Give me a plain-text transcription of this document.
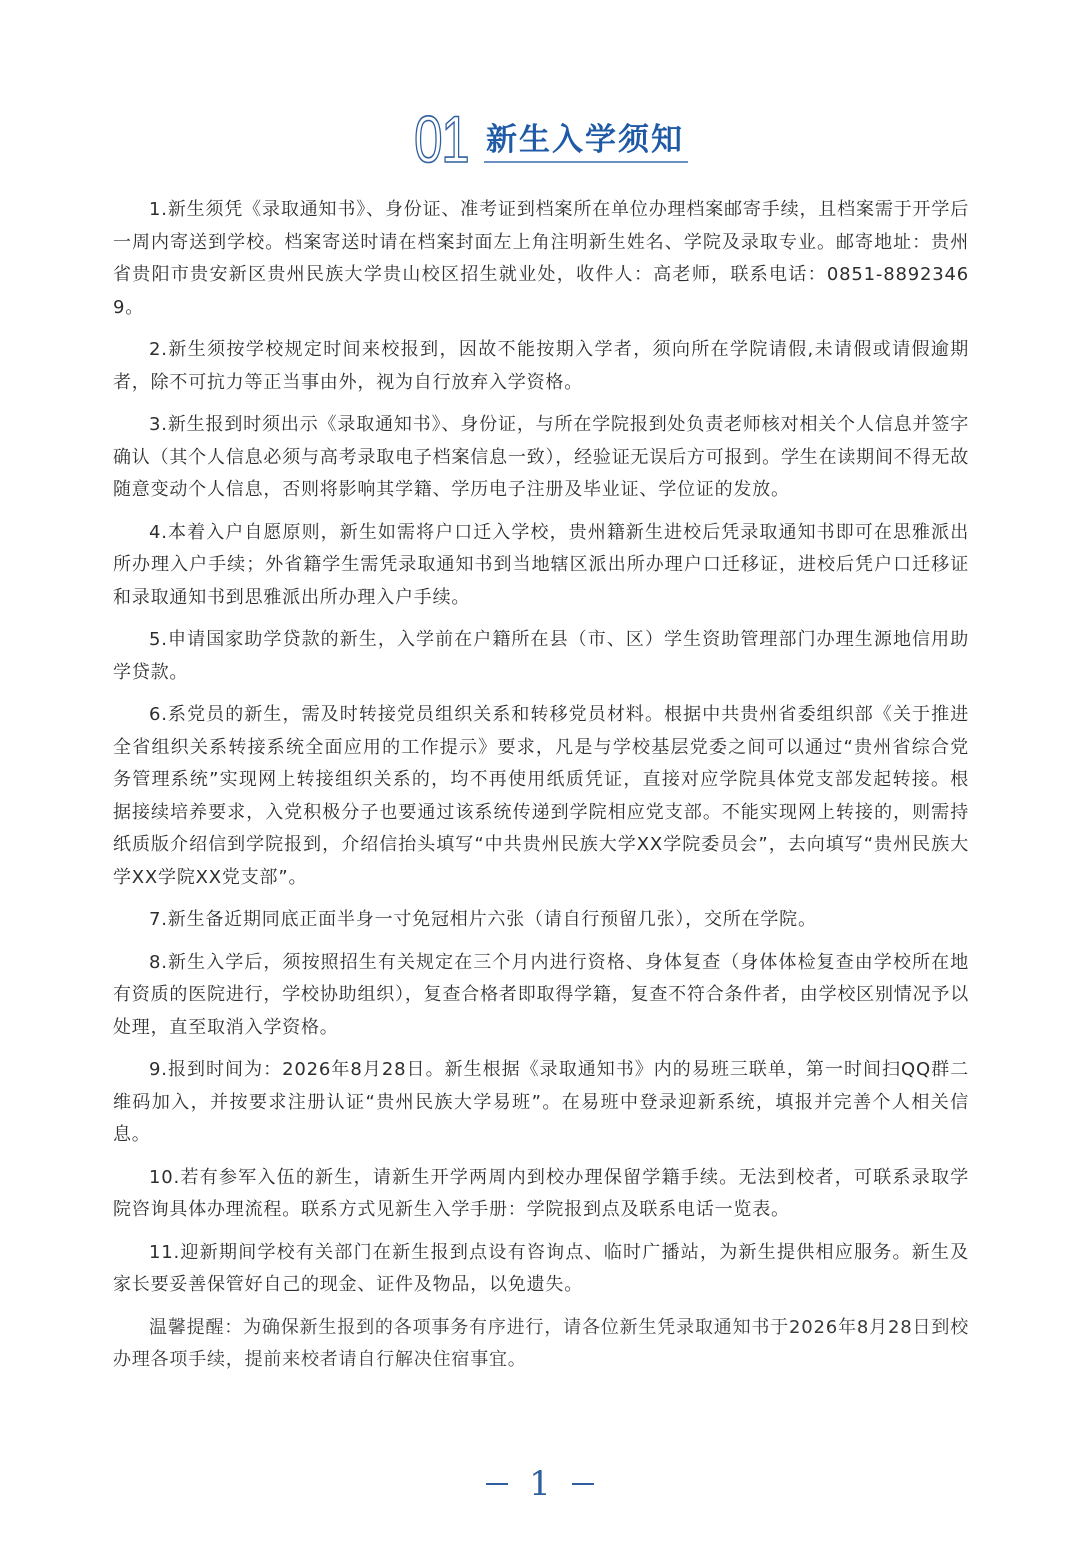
01 新生入学须知

1.新生须凭《录取通知书》、身份证、准考证到档案所在单位办理档案邮寄手续，且档案需于开学后一周内寄送到学校。档案寄送时请在档案封面左上角注明新生姓名、学院及录取专业。邮寄地址：贵州省贵阳市贵安新区贵州民族大学贵山校区招生就业处，收件人：高老师，联系电话：0851-88923469。

2.新生须按学校规定时间来校报到，因故不能按期入学者，须向所在学院请假,未请假或请假逾期者，除不可抗力等正当事由外，视为自行放弃入学资格。

3.新生报到时须出示《录取通知书》、身份证，与所在学院报到处负责老师核对相关个人信息并签字确认（其个人信息必须与高考录取电子档案信息一致），经验证无误后方可报到。学生在读期间不得无故随意变动个人信息，否则将影响其学籍、学历电子注册及毕业证、学位证的发放。

4.本着入户自愿原则，新生如需将户口迁入学校，贵州籍新生进校后凭录取通知书即可在思雅派出所办理入户手续；外省籍学生需凭录取通知书到当地辖区派出所办理户口迁移证，进校后凭户口迁移证和录取通知书到思雅派出所办理入户手续。

5.申请国家助学贷款的新生，入学前在户籍所在县（市、区）学生资助管理部门办理生源地信用助学贷款。

6.系党员的新生，需及时转接党员组织关系和转移党员材料。根据中共贵州省委组织部《关于推进全省组织关系转接系统全面应用的工作提示》要求，凡是与学校基层党委之间可以通过“贵州省综合党务管理系统”实现网上转接组织关系的，均不再使用纸质凭证，直接对应学院具体党支部发起转接。根据接续培养要求，入党积极分子也要通过该系统传递到学院相应党支部。不能实现网上转接的，则需持纸质版介绍信到学院报到，介绍信抬头填写“中共贵州民族大学XX学院委员会”，去向填写“贵州民族大学XX学院XX党支部”。

7.新生备近期同底正面半身一寸免冠相片六张（请自行预留几张），交所在学院。

8.新生入学后，须按照招生有关规定在三个月内进行资格、身体复查（身体体检复查由学校所在地有资质的医院进行，学校协助组织），复查合格者即取得学籍，复查不符合条件者，由学校区别情况予以处理，直至取消入学资格。

9.报到时间为：2026年8月28日。新生根据《录取通知书》内的易班三联单，第一时间扫QQ群二维码加入，并按要求注册认证“贵州民族大学易班”。在易班中登录迎新系统，填报并完善个人相关信息。

10.若有参军入伍的新生，请新生开学两周内到校办理保留学籍手续。无法到校者，可联系录取学院咨询具体办理流程。联系方式见新生入学手册：学院报到点及联系电话一览表。

11.迎新期间学校有关部门在新生报到点设有咨询点、临时广播站，为新生提供相应服务。新生及家长要妥善保管好自己的现金、证件及物品，以免遗失。

温馨提醒：为确保新生报到的各项事务有序进行，请各位新生凭录取通知书于2026年8月28日到校办理各项手续，提前来校者请自行解决住宿事宜。

1
